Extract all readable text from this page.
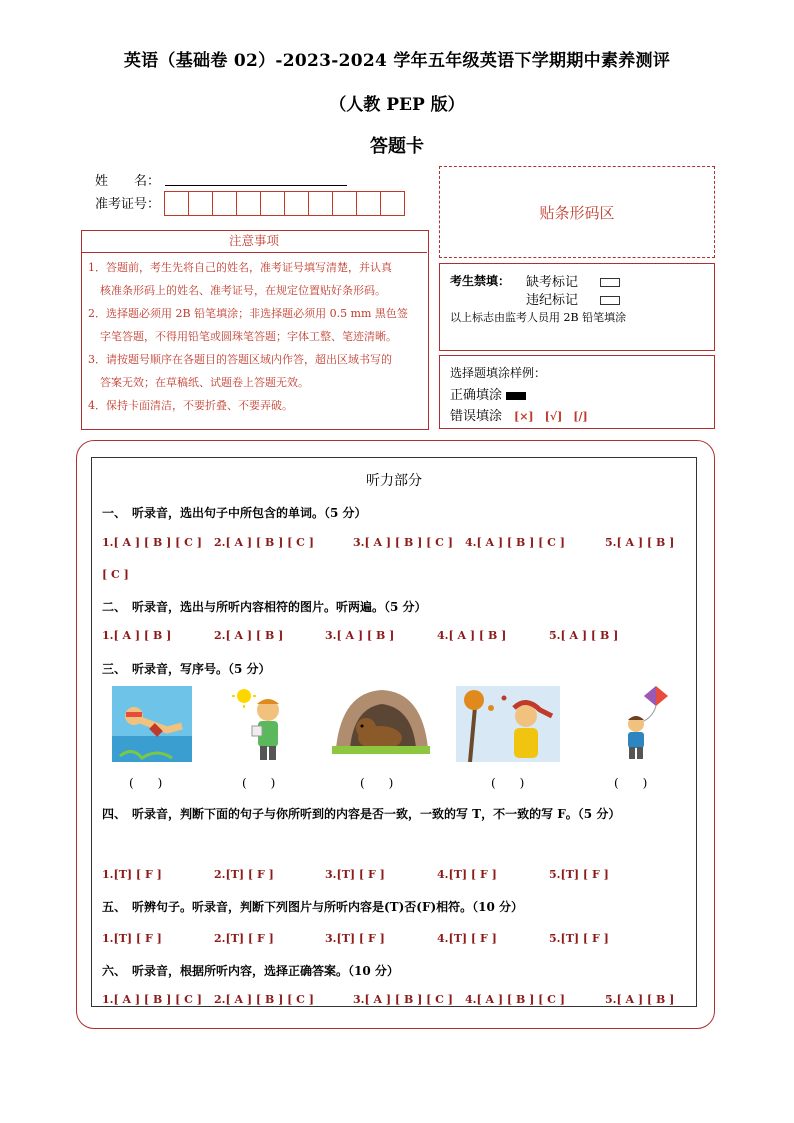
英语（基础卷 02）-2023-2024 学年五年级英语下学期期中素养测评
（人教 PEP 版）
答题卡
姓　　名：
准考证号：	贴条形码区
注意事项
1．答题前，考生先将自己的姓名，准考证号填写清楚，并认真
核准条形码上的姓名、准考证号，在规定位置贴好条形码。
2．选择题必须用 2B 铅笔填涂；非选择题必须用 0.5 mm 黑色签
字笔答题，不得用铅笔或圆珠笔答题；字体工整、笔迹清晰。
3．请按题号顺序在各题目的答题区域内作答，超出区域书写的
答案无效；在草稿纸、试题卷上答题无效。
4．保持卡面清洁，不要折叠、不要弄破。
考生禁填： 缺考标记
违纪标记
以上标志由监考人员用 2B 铅笔填涂
选择题填涂样例：
正确填涂
错误填涂 [×]　[√]　[/]
听力部分
一、　听录音，选出句子中所包含的单词。（5 分）
1.[ A ] [ B ] [ C ] 2.[ A ] [ B ] [ C ]	3.[ A ] [ B ] [ C ] 4.[ A ] [ B ] [ C ]	5.[ A ] [ B ]
[ C ]
二、　听录音，选出与所听内容相符的图片。听两遍。（5 分）
1.[ A ] [ B ]	2.[ A ] [ B ]	3.[ A ] [ B ]	4.[ A ] [ B ]	5.[ A ] [ B ]
三、　听录音，写序号。（5 分）
(　　)	(　　)	(　　)	(　　)	(　　)
四、　听录音，判断下面的句子与你所听到的内容是否一致，一致的写 T，不一致的写 F。（5 分）
1.[T] [ F ]	2.[T] [ F ]	3.[T] [ F ]	4.[T] [ F ]	5.[T] [ F ]
五、　听辨句子。听录音，判断下列图片与所听内容是(T)否(F)相符。（10 分）
1.[T] [ F ]	2.[T] [ F ]	3.[T] [ F ]	4.[T] [ F ]	5.[T] [ F ]
六、　听录音，根据所听内容，选择正确答案。（10 分）
1.[ A ] [ B ] [ C ] 2.[ A ] [ B ] [ C ]	3.[ A ] [ B ] [ C ] 4.[ A ] [ B ] [ C ]	5.[ A ] [ B ]
